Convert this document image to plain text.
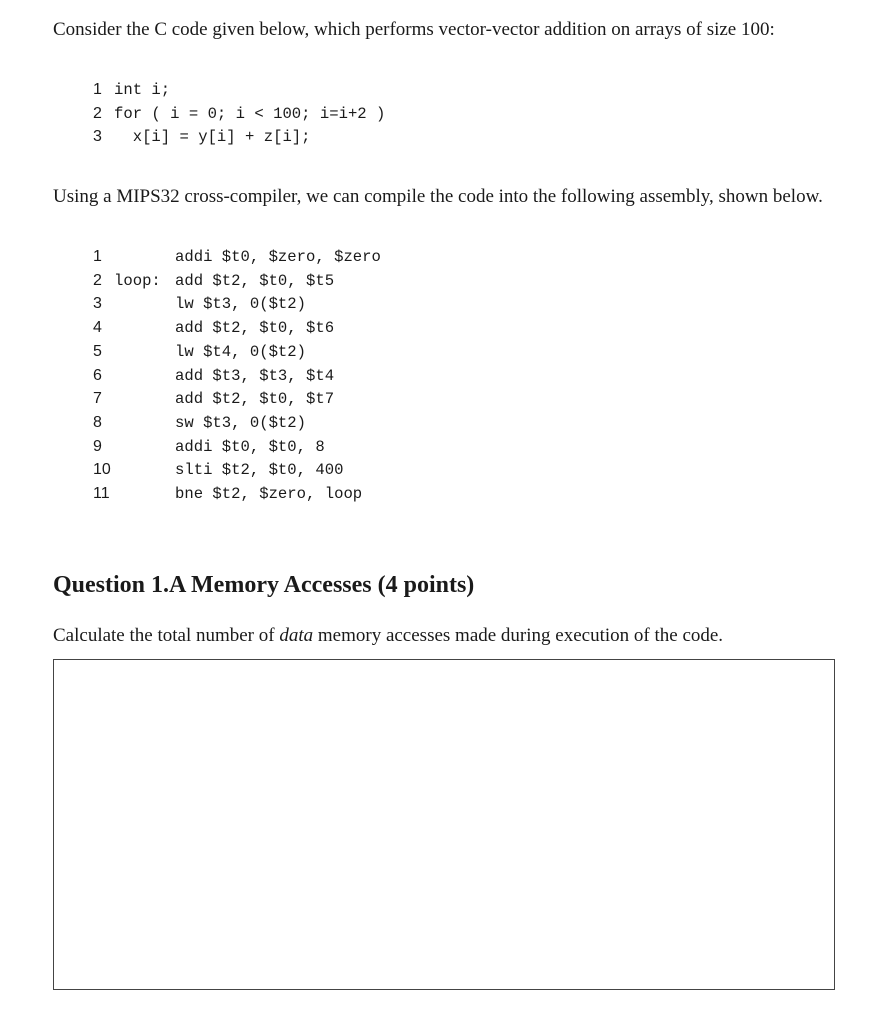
Consider the C code given below, which performs vector-vector addition on arrays of size 100:
1 int i;
2 for ( i = 0; i < 100; i=i+2 )
3 x[i] = y[i] + z[i];
Using a MIPS32 cross-compiler, we can compile the code into the following assembly, shown below.
1	addi $t0, $zero, $zero
2 loop: add $t2, $t0, $t5
3	lw $t3, 0($t2)
4	add $t2, $t0, $t6
5	lw $t4, 0($t2)
6	add $t3, $t3, $t4
7	add $t2, $t0, $t7
8	sw $t3, 0($t2)
9	addi $t0, $t0, 8
10	slti $t2, $t0, 400
11	bne $t2, $zero, loop
Question 1.A Memory Accesses (4 points)
Calculate the total number of data memory accesses made during execution of the code.
